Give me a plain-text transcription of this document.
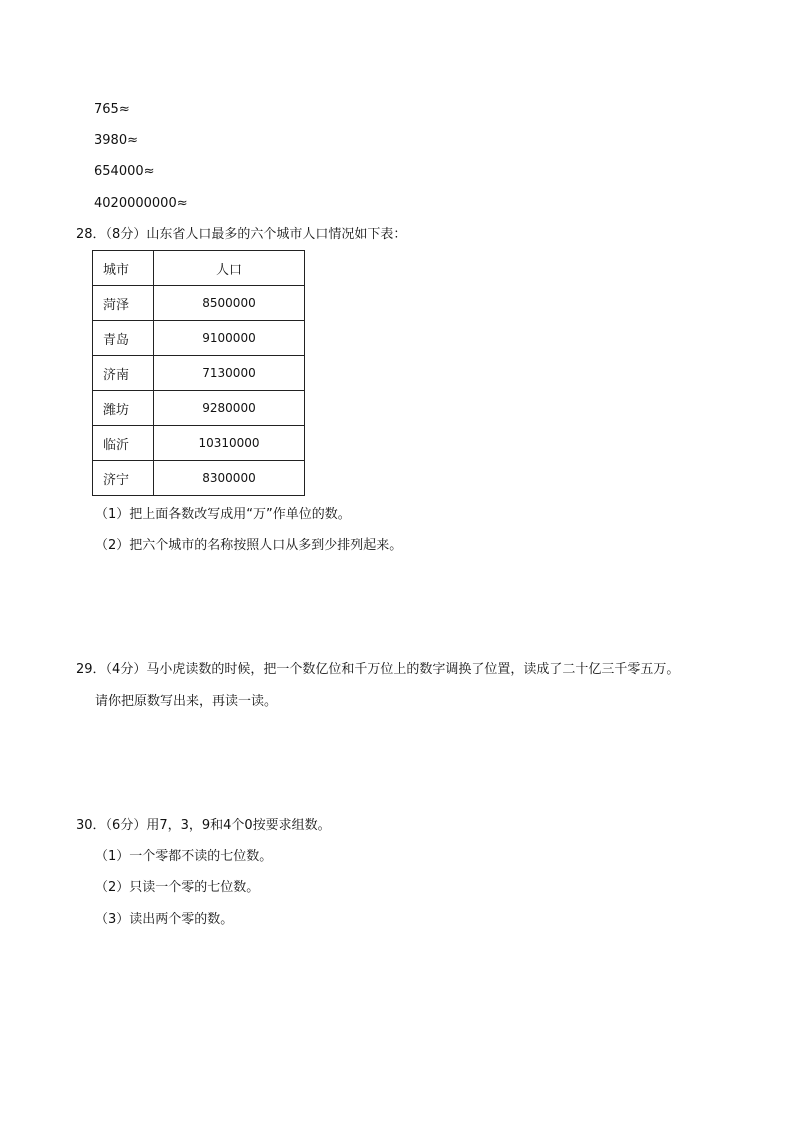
765≈
3980≈
654000≈
4020000000≈
28．（8分）山东省人口最多的六个城市人口情况如下表：
城市	人口
菏泽	8500000
青岛	9100000
济南	7130000
潍坊	9280000
临沂	10310000
济宁	8300000
（1）把上面各数改写成用“万”作单位的数。
（2）把六个城市的名称按照人口从多到少排列起来。
29．（4分）马小虎读数的时候，把一个数亿位和千万位上的数字调换了位置，读成了二十亿三千零五万。
请你把原数写出来，再读一读。
30．（6分）用7，3，9和4个0按要求组数。
（1）一个零都不读的七位数。
（2）只读一个零的七位数。
（3）读出两个零的数。
